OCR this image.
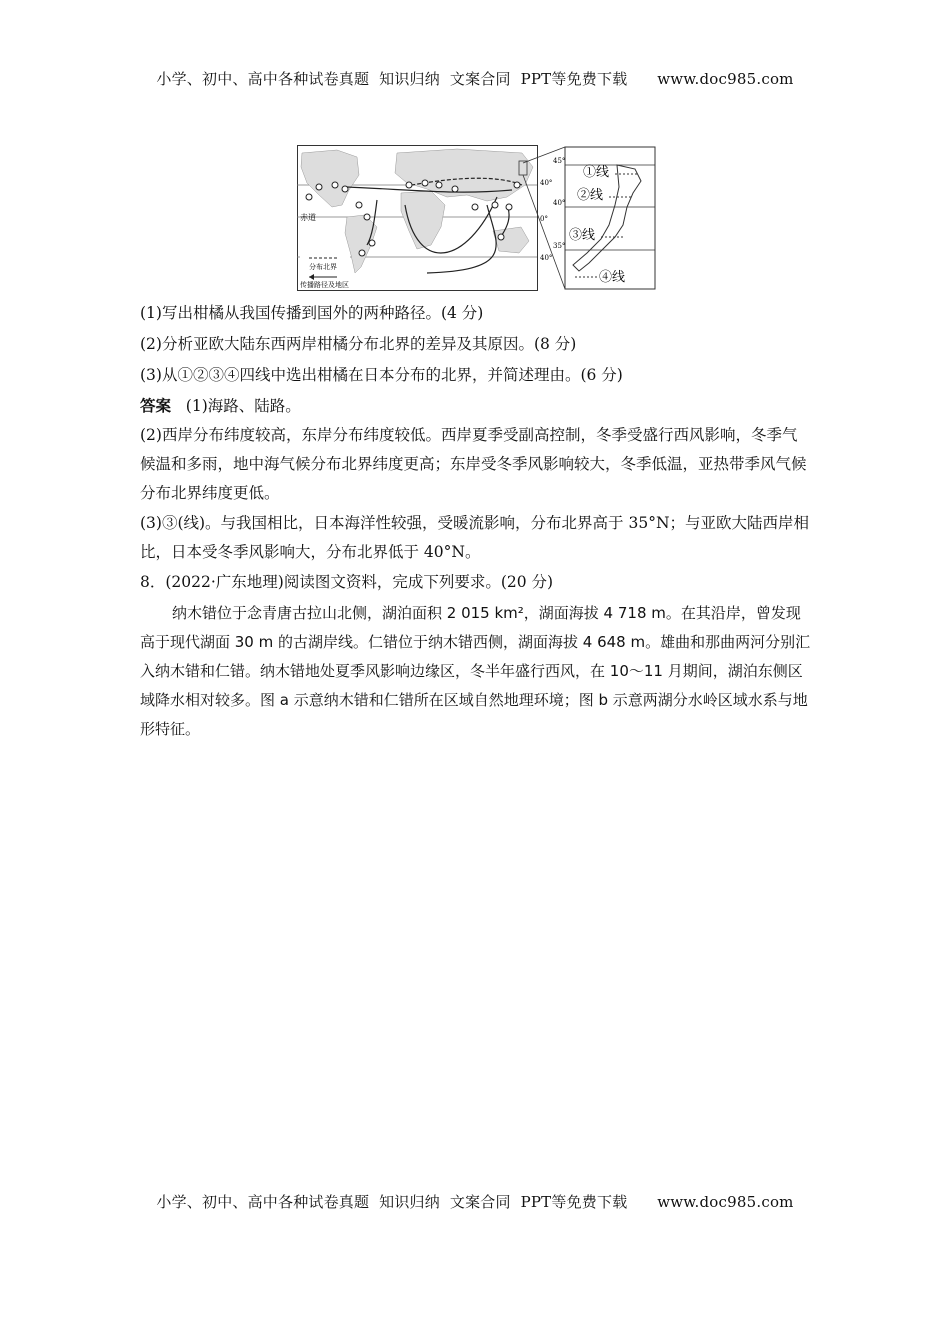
小学、初中、高中各种试卷真题  知识归纳  文案合同  PPT等免费下载      www.doc985.com
赤道
分布北界
传播路径及地区
40°
0°
40°
45°
40°
35°
①线
②线
③线
④线
(1)写出柑橘从我国传播到国外的两种路径。(4 分)
(2)分析亚欧大陆东西两岸柑橘分布北界的差异及其原因。(8 分)
(3)从①②③④四线中选出柑橘在日本分布的北界，并简述理由。(6 分)
答案 (1)海路、陆路。
(2)西岸分布纬度较高，东岸分布纬度较低。西岸夏季受副高控制，冬季受盛行西风影响，冬季气候温和多雨，地中海气候分布北界纬度更高；东岸受冬季风影响较大，冬季低温，亚热带季风气候分布北界纬度更低。
(3)③(线)。与我国相比，日本海洋性较强，受暖流影响，分布北界高于 35°N；与亚欧大陆西岸相比，日本受冬季风影响大，分布北界低于 40°N。
8．(2022·广东地理)阅读图文资料，完成下列要求。(20 分)
纳木错位于念青唐古拉山北侧，湖泊面积 2 015 km²，湖面海拔 4 718 m。在其沿岸，曾发现高于现代湖面 30 m 的古湖岸线。仁错位于纳木错西侧，湖面海拔 4 648 m。雄曲和那曲两河分别汇入纳木错和仁错。纳木错地处夏季风影响边缘区，冬半年盛行西风，在 10～11 月期间，湖泊东侧区域降水相对较多。图 a 示意纳木错和仁错所在区域自然地理环境；图 b 示意两湖分水岭区域水系与地形特征。
小学、初中、高中各种试卷真题  知识归纳  文案合同  PPT等免费下载      www.doc985.com
